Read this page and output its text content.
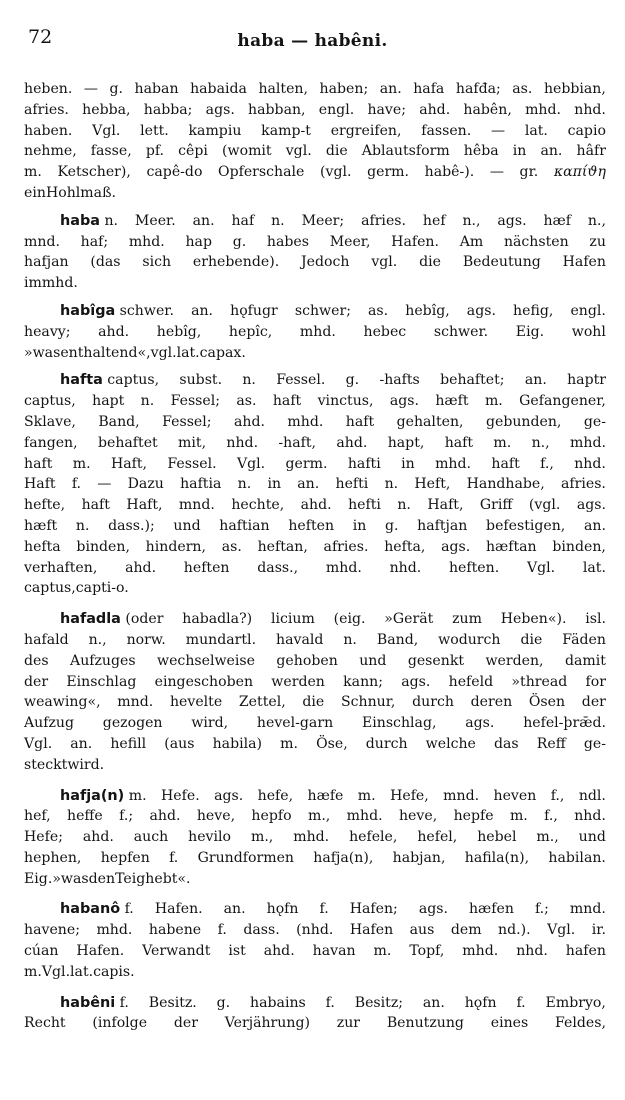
72	haba — habêni.
heben. — g. haban habaida halten, haben; an. hafa hafđa; as. hebbian,
afries. hebba, habba; ags. habban, engl. have; ahd. habên, mhd. nhd.
haben. Vgl. lett. kampiu kamp-t ergreifen, fassen. — lat. capio
nehme, fasse, pf. cêpi (womit vgl. die Ablautsform hêba in an. hâfr
m. Ketscher), capê-do Opferschale (vgl. germ. habê-). — gr. καπίϑη
ein Hohlmaß.
haba n. Meer. an. haf n. Meer; afries. hef n., ags. hæf n.,
mnd. haf; mhd. hap g. habes Meer, Hafen. Am nächsten zu
hafjan (das sich erhebende). Jedoch vgl. die Bedeutung Hafen
im mhd.
habîga schwer. an. hǫfugr schwer; as. hebîg, ags. hefig, engl.
heavy; ahd. hebîg, hepîc, mhd. hebec schwer. Eig. wohl
»was enthaltend«, vgl. lat. capax.
hafta captus, subst. n. Fessel. g. -hafts behaftet; an. haptr
captus, hapt n. Fessel; as. haft vinctus, ags. hæft m. Gefangener,
Sklave, Band, Fessel; ahd. mhd. haft gehalten, gebunden, ge-
fangen, behaftet mit, nhd. -haft, ahd. hapt, haft m. n., mhd.
haft m. Haft, Fessel. Vgl. germ. hafti in mhd. haft f., nhd.
Haft f. — Dazu haftia n. in an. hefti n. Heft, Handhabe, afries.
hefte, haft Haft, mnd. hechte, ahd. hefti n. Haft, Griff (vgl. ags.
hæft n. dass.); und haftian heften in g. haftjan befestigen, an.
hefta binden, hindern, as. heftan, afries. hefta, ags. hæftan binden,
verhaften, ahd. heften dass., mhd. nhd. heften. Vgl. lat.
captus, capti-o.
hafadla (oder habadla?) licium (eig. »Gerät zum Heben«). isl.
hafald n., norw. mundartl. havald n. Band, wodurch die Fäden
des Aufzuges wechselweise gehoben und gesenkt werden, damit
der Einschlag eingeschoben werden kann; ags. hefeld »thread for
weawing«, mnd. hevelte Zettel, die Schnur, durch deren Ösen der
Aufzug gezogen wird, hevel-garn Einschlag, ags. hefel-þrǣd.
Vgl. an. hefill (aus habila) m. Öse, durch welche das Reff ge-
steckt wird.
hafja(n) m. Hefe. ags. hefe, hæfe m. Hefe, mnd. heven f., ndl.
hef, heffe f.; ahd. heve, hepfo m., mhd. heve, hepfe m. f., nhd.
Hefe; ahd. auch hevilo m., mhd. hefele, hefel, hebel m., und
hephen, hepfen f. Grundformen hafja(n), habjan, hafila(n), habilan.
Eig. »was den Teig hebt«.
habanô f. Hafen. an. hǫfn f. Hafen; ags. hæfen f.; mnd.
havene; mhd. habene f. dass. (nhd. Hafen aus dem nd.). Vgl. ir.
cúan Hafen. Verwandt ist ahd. havan m. Topf, mhd. nhd. hafen
m. Vgl. lat. capis.
habêni f. Besitz. g. habains f. Besitz; an. hǫfn f. Embryo,
Recht (infolge der Verjährung) zur Benutzung eines Feldes,
